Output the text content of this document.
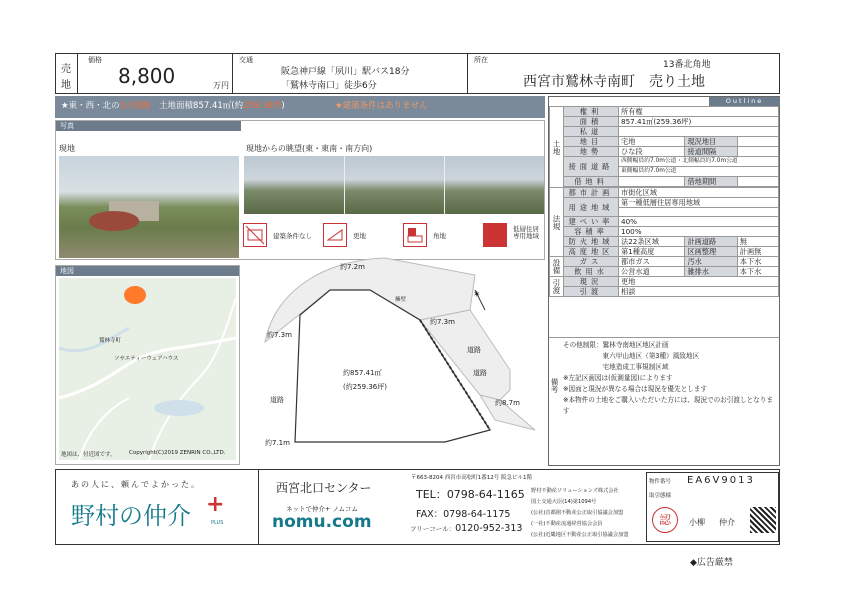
売
地
価格
8,800	万円
交通
阪急神戸線「夙川」駅バス18分
「鷲林寺南口」徒歩6分
所在	13番北角地
西宮市鷲林寺南町　売り土地
★東・西・北の3方道路　土地面積857.41㎡(約259.36坪)	★建築条件はありません
写真
現地	現地からの眺望(東・東南・南方向)
建築条件なし	更地	角地
低層住居専用地域
地図
鷲林寺町
ソサエティーウェアハウス
地図は、付近図です。 Copyright(C)2019 ZENRIN CO.,LTD.
約7.2m
約7.3m
約7.3m
約7.1m
約8.7m
約857.41㎡
(約259.36坪)
道路
道路
道路
擁壁	✶
Outline
土地	権利	所有権		
	面積	857.41㎡(259.36坪)		
	私道			
	地目	宅地	現況地目	
	地勢	ひな段	接道間隔	
	接面道路	西側幅員約7.0m公道・北側幅員約7.0m公道		
		東側幅員約7.0m公道		
	借地料		借地期間	

法規	都市計画	市街化区域		
	用途地域	第一種低層住居専用地域		

	建ぺい率	40%		
	容積率	100%		
	防火地域	法22条区域	計画道路	無
	高度地区	第1種高度	区画整理	計画無
設備	ガス	都市ガス	汚水	本下水
	飲用水	公営水道	雑排水	本下水
引渡	現況	更地		
	引渡	相談		
備考
その他制限：鷲林寺南地区地区計画
　　　　　　東六甲山地区（第3種）風致地区
　　　　　　宅地造成工事規制区域
※左記区画図は(仮測量図)によります
※図面と現況が異なる場合は現況を優先とします
※本物件の土地をご購入いただいた方には、現況でのお引渡しとなります
あの人に、頼んでよかった。
野村の仲介 +
PLUS
西宮北口センター
ネットで仲介+ ノムコム
nomu.com
〒663-8204 西宮市高松町1番12号 阪急ビル1階
TEL：0798-64-1165
FAX：0798-64-1175
フリーコール：0120-952-313
野村不動産ソリューションズ株式会社
国土交通大臣(14)第1094号
(公社)首都圏不動産公正取引協議会加盟
(一社)不動産流通経営協会会員
(公社)近畿地区不動産公正取引協議会加盟
物件番号 EA6V9013
取引態様
認	小柳 仲介
◆広告厳禁
